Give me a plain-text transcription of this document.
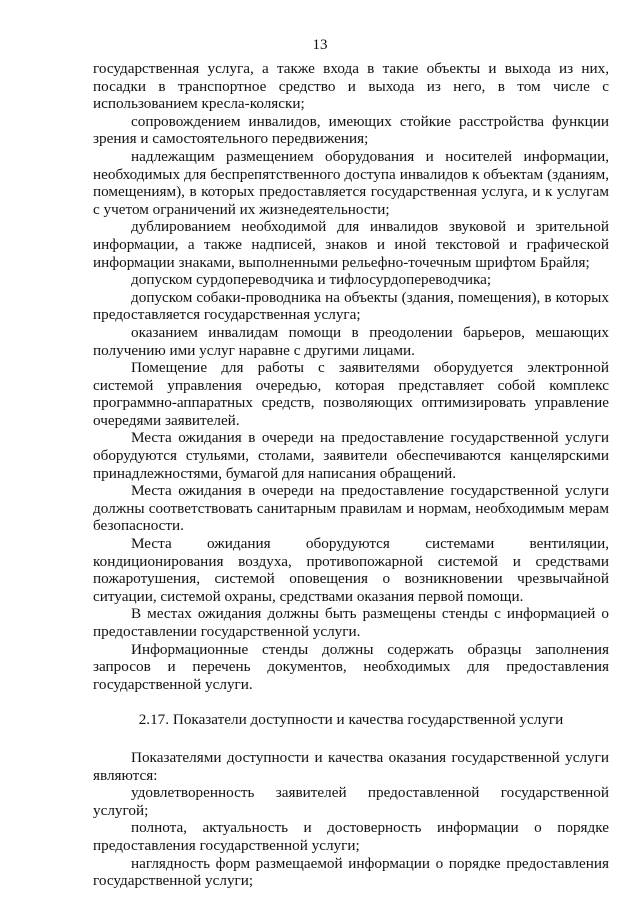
13

государственная услуга, а также входа в такие объекты и выхода из них, посадки в транспортное средство и выхода из него, в том числе с использованием кресла-коляски;

сопровождением инвалидов, имеющих стойкие расстройства функции зрения и самостоятельного передвижения;

надлежащим размещением оборудования и носителей информации, необходимых для беспрепятственного доступа инвалидов к объектам (зданиям, помещениям), в которых предоставляется государственная услуга, и к услугам с учетом ограничений их жизнедеятельности;

дублированием необходимой для инвалидов звуковой и зрительной информации, а также надписей, знаков и иной текстовой и графической информации знаками, выполненными рельефно-точечным шрифтом Брайля;

допуском сурдопереводчика и тифлосурдопереводчика;

допуском собаки-проводника на объекты (здания, помещения), в которых предоставляется государственная услуга;

оказанием инвалидам помощи в преодолении барьеров, мешающих получению ими услуг наравне с другими лицами.

Помещение для работы с заявителями оборудуется электронной системой управления очередью, которая представляет собой комплекс программно-аппаратных средств, позволяющих оптимизировать управление очередями заявителей.

Места ожидания в очереди на предоставление государственной услуги оборудуются стульями, столами, заявители обеспечиваются канцелярскими принадлежностями, бумагой для написания обращений.

Места ожидания в очереди на предоставление государственной услуги должны соответствовать санитарным правилам и нормам, необходимым мерам безопасности.

Места ожидания оборудуются системами вентиляции, кондиционирования воздуха, противопожарной системой и средствами пожаротушения, системой оповещения о возникновении чрезвычайной ситуации, системой охраны, средствами оказания первой помощи.

В местах ожидания должны быть размещены стенды с информацией о предоставлении государственной услуги.

Информационные стенды должны содержать образцы заполнения запросов и перечень документов, необходимых для предоставления государственной услуги.

2.17. Показатели доступности и качества государственной услуги

Показателями доступности и качества оказания государственной услуги являются:

удовлетворенность заявителей предоставленной государственной услугой;

полнота, актуальность и достоверность информации о порядке предоставления государственной услуги;

наглядность форм размещаемой информации о порядке предоставления государственной услуги;
